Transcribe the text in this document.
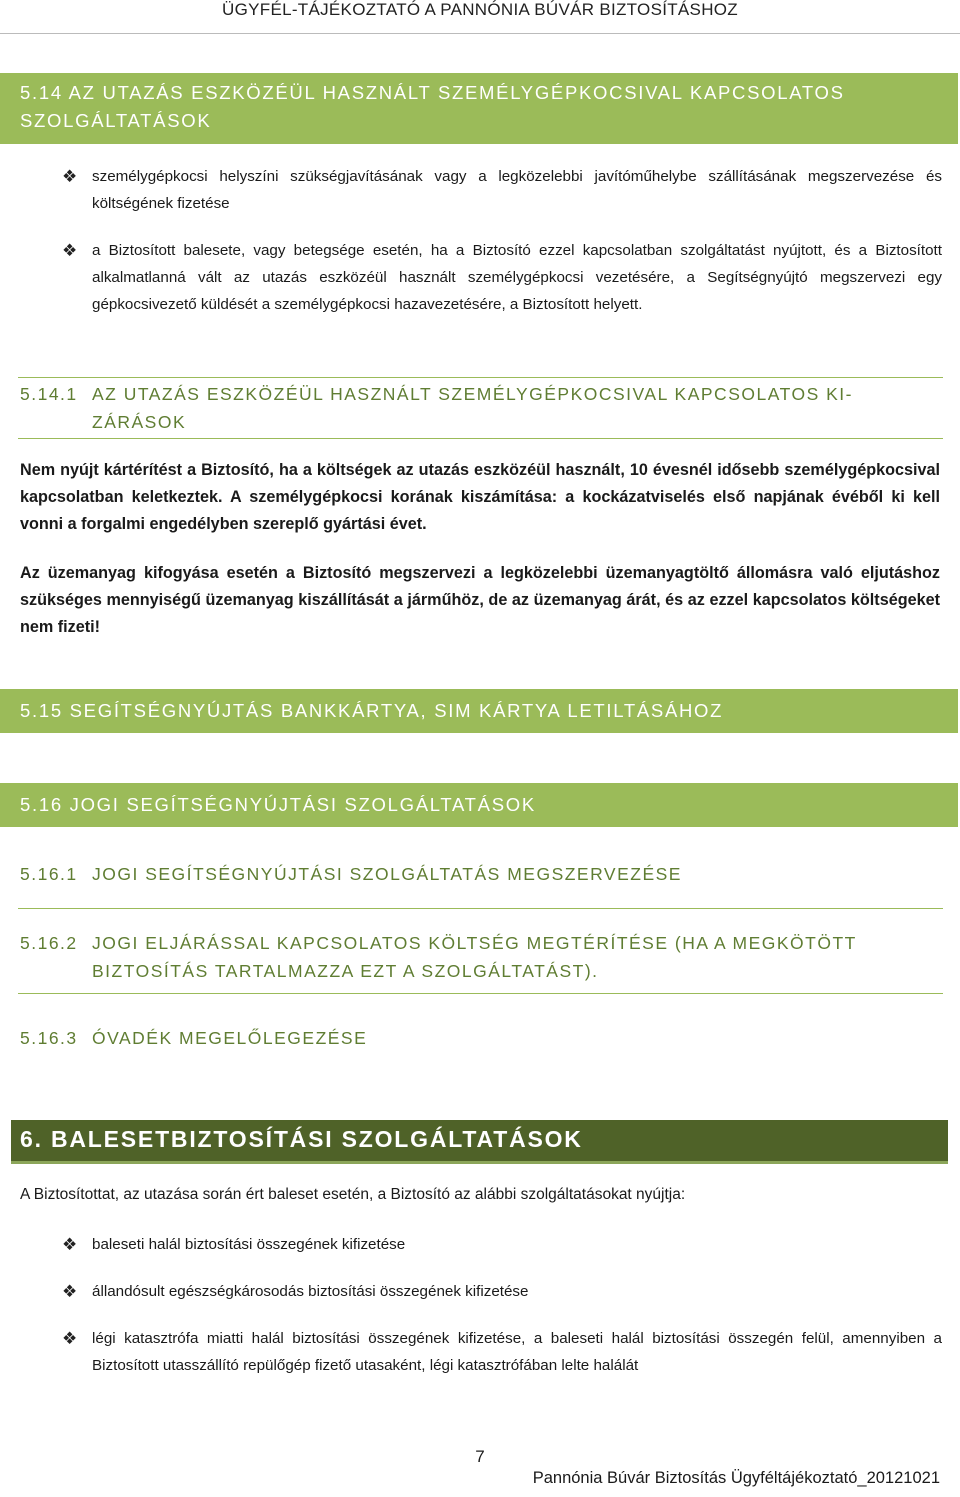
ÜGYFÉL-TÁJÉKOZTATÓ A PANNÓNIA BÚVÁR BIZTOSÍTÁSHOZ
5.14 AZ UTAZÁS ESZKÖZÉÜL HASZNÁLT SZEMÉLYGÉPKOCSIVAL KAPCSOLATOS
SZOLGÁLTATÁSOK
❖ személygépkocsi helyszíni szükségjavításának vagy a legközelebbi javítóműhelybe szállításának megszervezése és költségének fizetése
❖ a Biztosított balesete, vagy betegsége esetén, ha a Biztosító ezzel kapcsolatban szolgáltatást nyújtott, és a Biztosított alkalmatlanná vált az utazás eszközéül használt személygépkocsi vezetésére, a Segítségnyújtó megszervezi egy gépkocsivezető küldését a személygépkocsi hazavezetésére, a Biztosított helyett.
5.14.1 AZ UTAZÁS ESZKÖZÉÜL HASZNÁLT SZEMÉLYGÉPKOCSIVAL KAPCSOLATOS KI-
ZÁRÁSOK
Nem nyújt kártérítést a Biztosító, ha a költségek az utazás eszközéül használt, 10 évesnél idősebb személygépkocsival kapcsolatban keletkeztek. A személygépkocsi korának kiszámítása: a kockázatviselés első napjának évéből ki kell vonni a forgalmi engedélyben szereplő gyártási évet.
Az üzemanyag kifogyása esetén a Biztosító megszervezi a legközelebbi üzemanyagtöltő állomásra való eljutáshoz szükséges mennyiségű üzemanyag kiszállítását a járműhöz, de az üzemanyag árát, és az ezzel kapcsolatos költségeket nem fizeti!
5.15 SEGÍTSÉGNYÚJTÁS BANKKÁRTYA, SIM KÁRTYA LETILTÁSÁHOZ
5.16 JOGI SEGÍTSÉGNYÚJTÁSI SZOLGÁLTATÁSOK
5.16.1 JOGI SEGÍTSÉGNYÚJTÁSI SZOLGÁLTATÁS MEGSZERVEZÉSE
5.16.2 JOGI ELJÁRÁSSAL KAPCSOLATOS KÖLTSÉG MEGTÉRÍTÉSE (HA A MEGKÖTÖTT
BIZTOSÍTÁS TARTALMAZZA EZT A SZOLGÁLTATÁST).
5.16.3 ÓVADÉK MEGELŐLEGEZÉSE
6. BALESETBIZTOSÍTÁSI SZOLGÁLTATÁSOK
A Biztosítottat, az utazása során ért baleset esetén, a Biztosító az alábbi szolgáltatásokat nyújtja:
❖ baleseti halál biztosítási összegének kifizetése
❖ állandósult egészségkárosodás biztosítási összegének kifizetése
❖ légi katasztrófa miatti halál biztosítási összegének kifizetése, a baleseti halál biztosítási összegén felül, amennyiben a Biztosított utasszállító repülőgép fizető utasaként, légi katasztrófában lelte halálát
7
Pannónia Búvár Biztosítás Ügyféltájékoztató_20121021
